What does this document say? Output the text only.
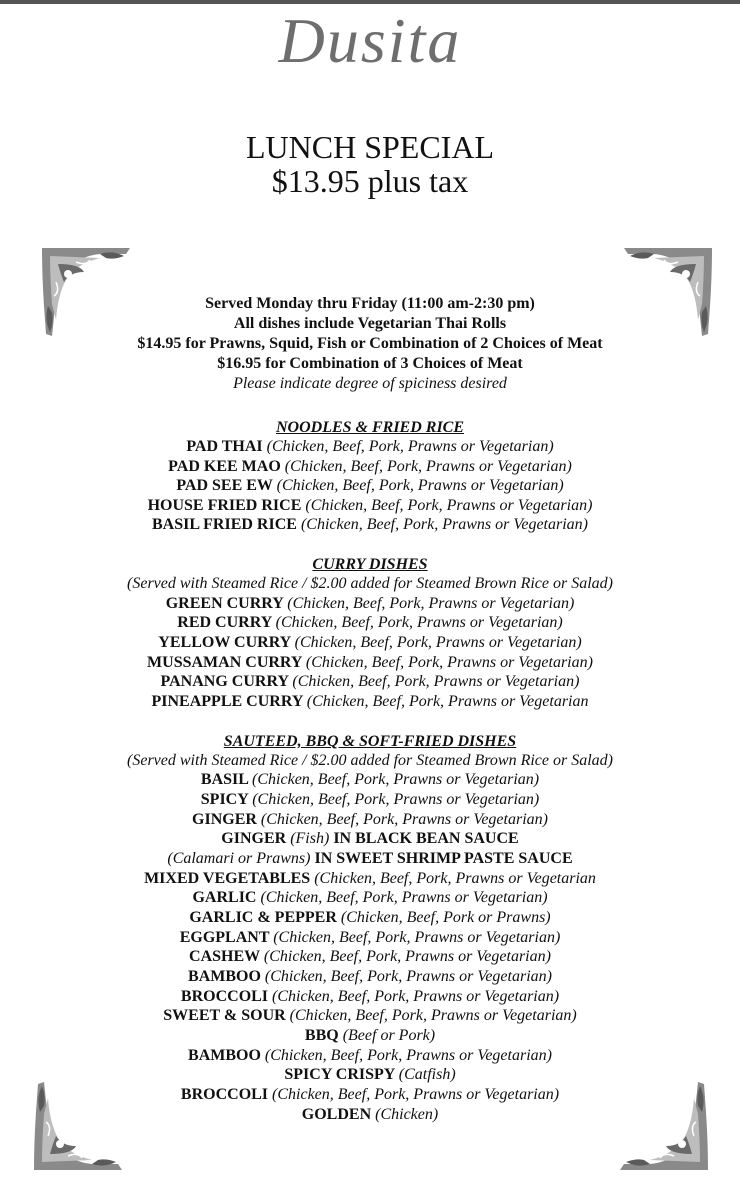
Dusita
LUNCH SPECIAL
$13.95 plus tax
Served Monday thru Friday (11:00 am-2:30 pm)
All dishes include Vegetarian Thai Rolls
$14.95 for Prawns, Squid, Fish or Combination of 2 Choices of Meat
$16.95 for Combination of 3 Choices of Meat
Please indicate degree of spiciness desired
NOODLES & FRIED RICE
PAD THAI (Chicken, Beef, Pork, Prawns or Vegetarian)
PAD KEE MAO (Chicken, Beef, Pork, Prawns or Vegetarian)
PAD SEE EW (Chicken, Beef, Pork, Prawns or Vegetarian)
HOUSE FRIED RICE (Chicken, Beef, Pork, Prawns or Vegetarian)
BASIL FRIED RICE (Chicken, Beef, Pork, Prawns or Vegetarian)
CURRY DISHES
(Served with Steamed Rice / $2.00 added for Steamed Brown Rice or Salad)
GREEN CURRY (Chicken, Beef, Pork, Prawns or Vegetarian)
RED CURRY (Chicken, Beef, Pork, Prawns or Vegetarian)
YELLOW CURRY (Chicken, Beef, Pork, Prawns or Vegetarian)
MUSSAMAN CURRY (Chicken, Beef, Pork, Prawns or Vegetarian)
PANANG CURRY (Chicken, Beef, Pork, Prawns or Vegetarian)
PINEAPPLE CURRY (Chicken, Beef, Pork, Prawns or Vegetarian
SAUTEED, BBQ & SOFT-FRIED DISHES
(Served with Steamed Rice / $2.00 added for Steamed Brown Rice or Salad)
BASIL (Chicken, Beef, Pork, Prawns or Vegetarian)
SPICY (Chicken, Beef, Pork, Prawns or Vegetarian)
GINGER (Chicken, Beef, Pork, Prawns or Vegetarian)
GINGER (Fish) IN BLACK BEAN SAUCE
(Calamari or Prawns) IN SWEET SHRIMP PASTE SAUCE
MIXED VEGETABLES (Chicken, Beef, Pork, Prawns or Vegetarian
GARLIC (Chicken, Beef, Pork, Prawns or Vegetarian)
GARLIC & PEPPER (Chicken, Beef, Pork or Prawns)
EGGPLANT (Chicken, Beef, Pork, Prawns or Vegetarian)
CASHEW (Chicken, Beef, Pork, Prawns or Vegetarian)
BAMBOO (Chicken, Beef, Pork, Prawns or Vegetarian)
BROCCOLI (Chicken, Beef, Pork, Prawns or Vegetarian)
SWEET & SOUR (Chicken, Beef, Pork, Prawns or Vegetarian)
BBQ (Beef or Pork)
BAMBOO (Chicken, Beef, Pork, Prawns or Vegetarian)
SPICY CRISPY (Catfish)
BROCCOLI (Chicken, Beef, Pork, Prawns or Vegetarian)
GOLDEN (Chicken)
